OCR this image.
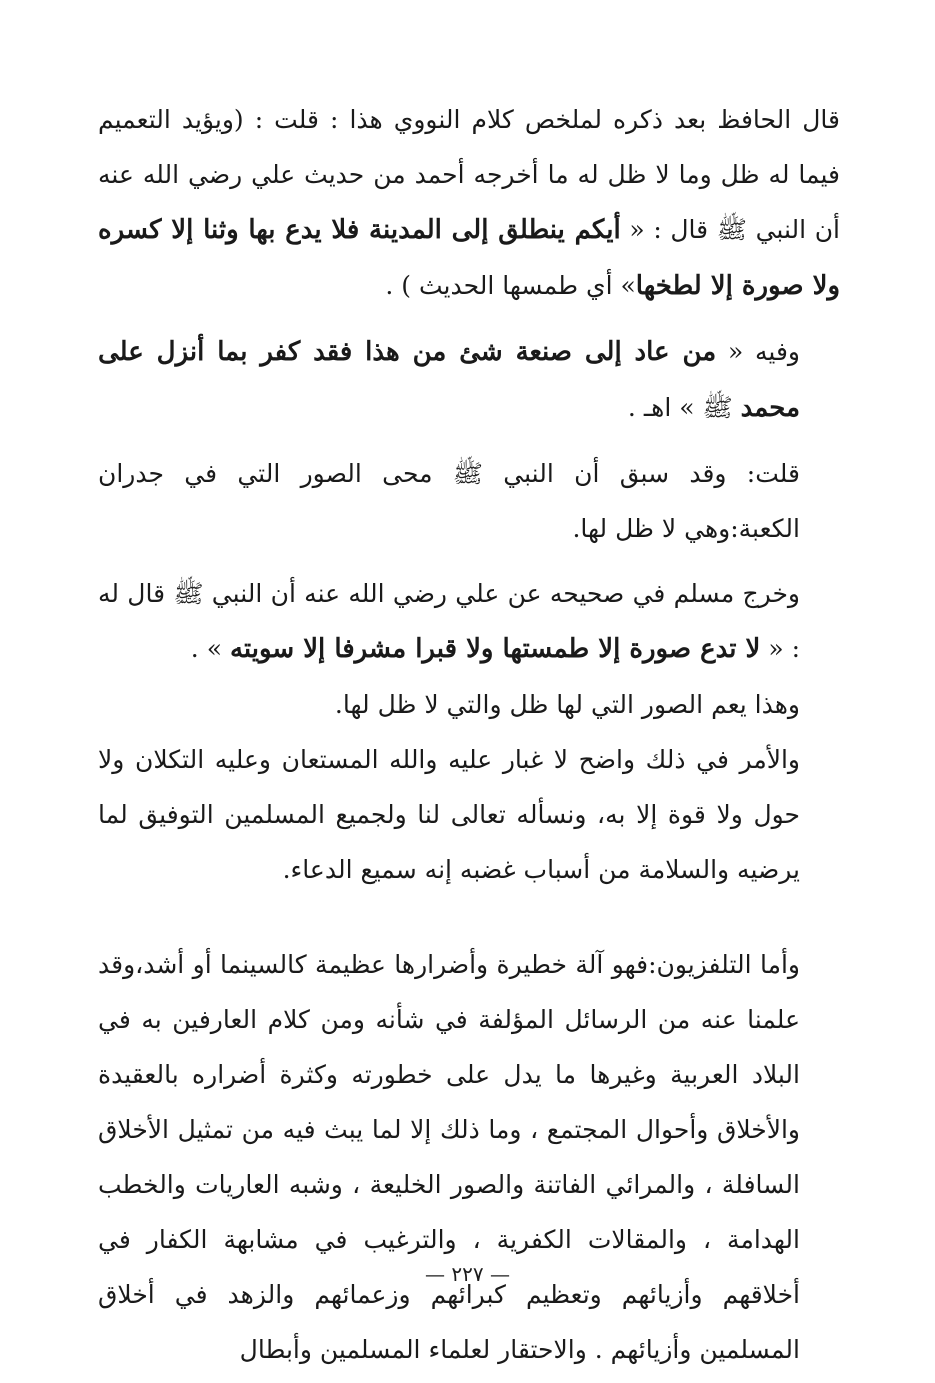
قال الحافظ بعد ذكره لملخص كلام النووي هذا : قلت : (ويؤيد التعميم فيما له ظل وما لا ظل له ما أخرجه أحمد من حديث علي رضي الله عنه أن النبي ﷺ قال : « أيكم ينطلق إلى المدينة فلا يدع بها وثنا إلا كسره ولا صورة إلا لطخها» أي طمسها الحديث ) .

وفيه « من عاد إلى صنعة شئ من هذا فقد كفر بما أنزل على محمد ﷺ » اهـ .

قلت: وقد سبق أن النبي ﷺ محى الصور التي في جدران الكعبة:وهي لا ظل لها.

وخرج مسلم في صحيحه عن علي رضي الله عنه أن النبي ﷺ قال له : « لا تدع صورة إلا طمستها ولا قبرا مشرفا إلا سويته » .

وهذا يعم الصور التي لها ظل والتي لا ظل لها.

والأمر في ذلك واضح لا غبار عليه والله المستعان وعليه التكلان ولا حول ولا قوة إلا به، ونسأله تعالى لنا ولجميع المسلمين التوفيق لما يرضيه والسلامة من أسباب غضبه إنه سميع الدعاء.

وأما التلفزيون:فهو آلة خطيرة وأضرارها عظيمة كالسينما أو أشد،وقد علمنا عنه من الرسائل المؤلفة في شأنه ومن كلام العارفين به في البلاد العربية وغيرها ما يدل على خطورته وكثرة أضراره بالعقيدة والأخلاق وأحوال المجتمع ، وما ذلك إلا لما يبث فيه من تمثيل الأخلاق السافلة ، والمرائي الفاتنة والصور الخليعة ، وشبه العاريات والخطب الهدامة ، والمقالات الكفرية ، والترغيب في مشابهة الكفار في أخلاقهم وأزيائهم وتعظيم كبرائهم وزعمائهم والزهد في أخلاق المسلمين وأزيائهم . والاحتقار لعلماء المسلمين وأبطال

— ٢٢٧ —
